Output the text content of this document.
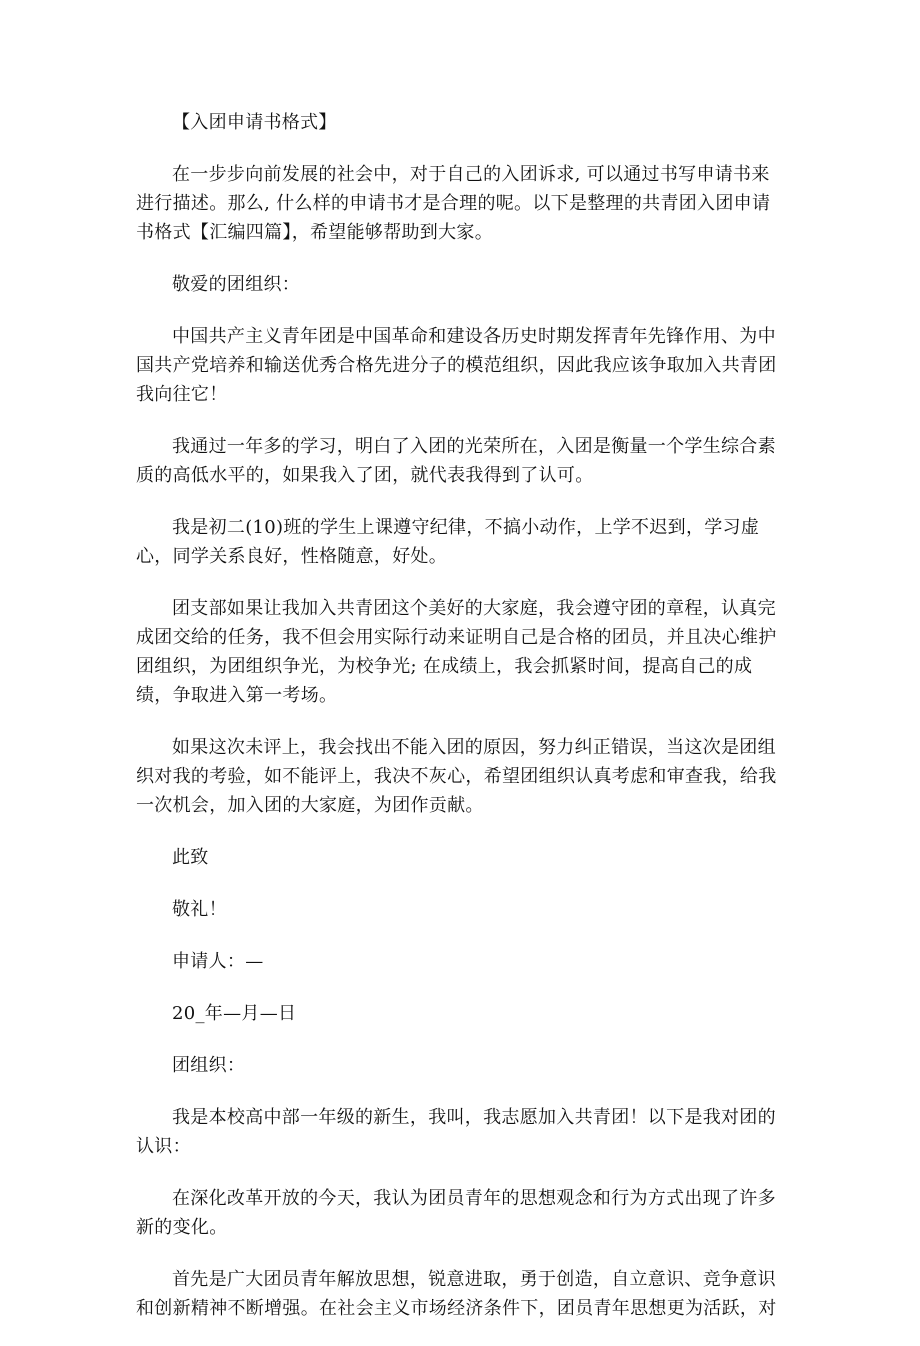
【入团申请书格式】

在一步步向前发展的社会中，对于自己的入团诉求, 可以通过书写申请书来进行描述。那么, 什么样的申请书才是合理的呢。以下是整理的共青团入团申请书格式【汇编四篇】，希望能够帮助到大家。

敬爱的团组织：

中国共产主义青年团是中国革命和建设各历史时期发挥青年先锋作用、为中国共产党培养和输送优秀合格先进分子的模范组织，因此我应该争取加入共青团我向往它！

我通过一年多的学习，明白了入团的光荣所在，入团是衡量一个学生综合素质的高低水平的，如果我入了团，就代表我得到了认可。

我是初二(10)班的学生上课遵守纪律，不搞小动作，上学不迟到，学习虚心，同学关系良好，性格随意，好处。

团支部如果让我加入共青团这个美好的大家庭，我会遵守团的章程，认真完成团交给的任务，我不但会用实际行动来证明自己是合格的团员，并且决心维护团组织，为团组织争光，为校争光; 在成绩上，我会抓紧时间，提高自己的成绩，争取进入第一考场。

如果这次未评上，我会找出不能入团的原因，努力纠正错误，当这次是团组织对我的考验，如不能评上，我决不灰心，希望团组织认真考虑和审查我，给我一次机会，加入团的大家庭，为团作贡献。

此致

敬礼！

申请人：—

20_年—月—日

团组织：

我是本校高中部一年级的新生，我叫，我志愿加入共青团！以下是我对团的认识：

在深化改革开放的今天，我认为团员青年的思想观念和行为方式出现了许多新的变化。

首先是广大团员青年解放思想，锐意进取，勇于创造，自立意识、竞争意识和创新精神不断增强。在社会主义市场经济条件下，团员青年思想更为活跃，对
